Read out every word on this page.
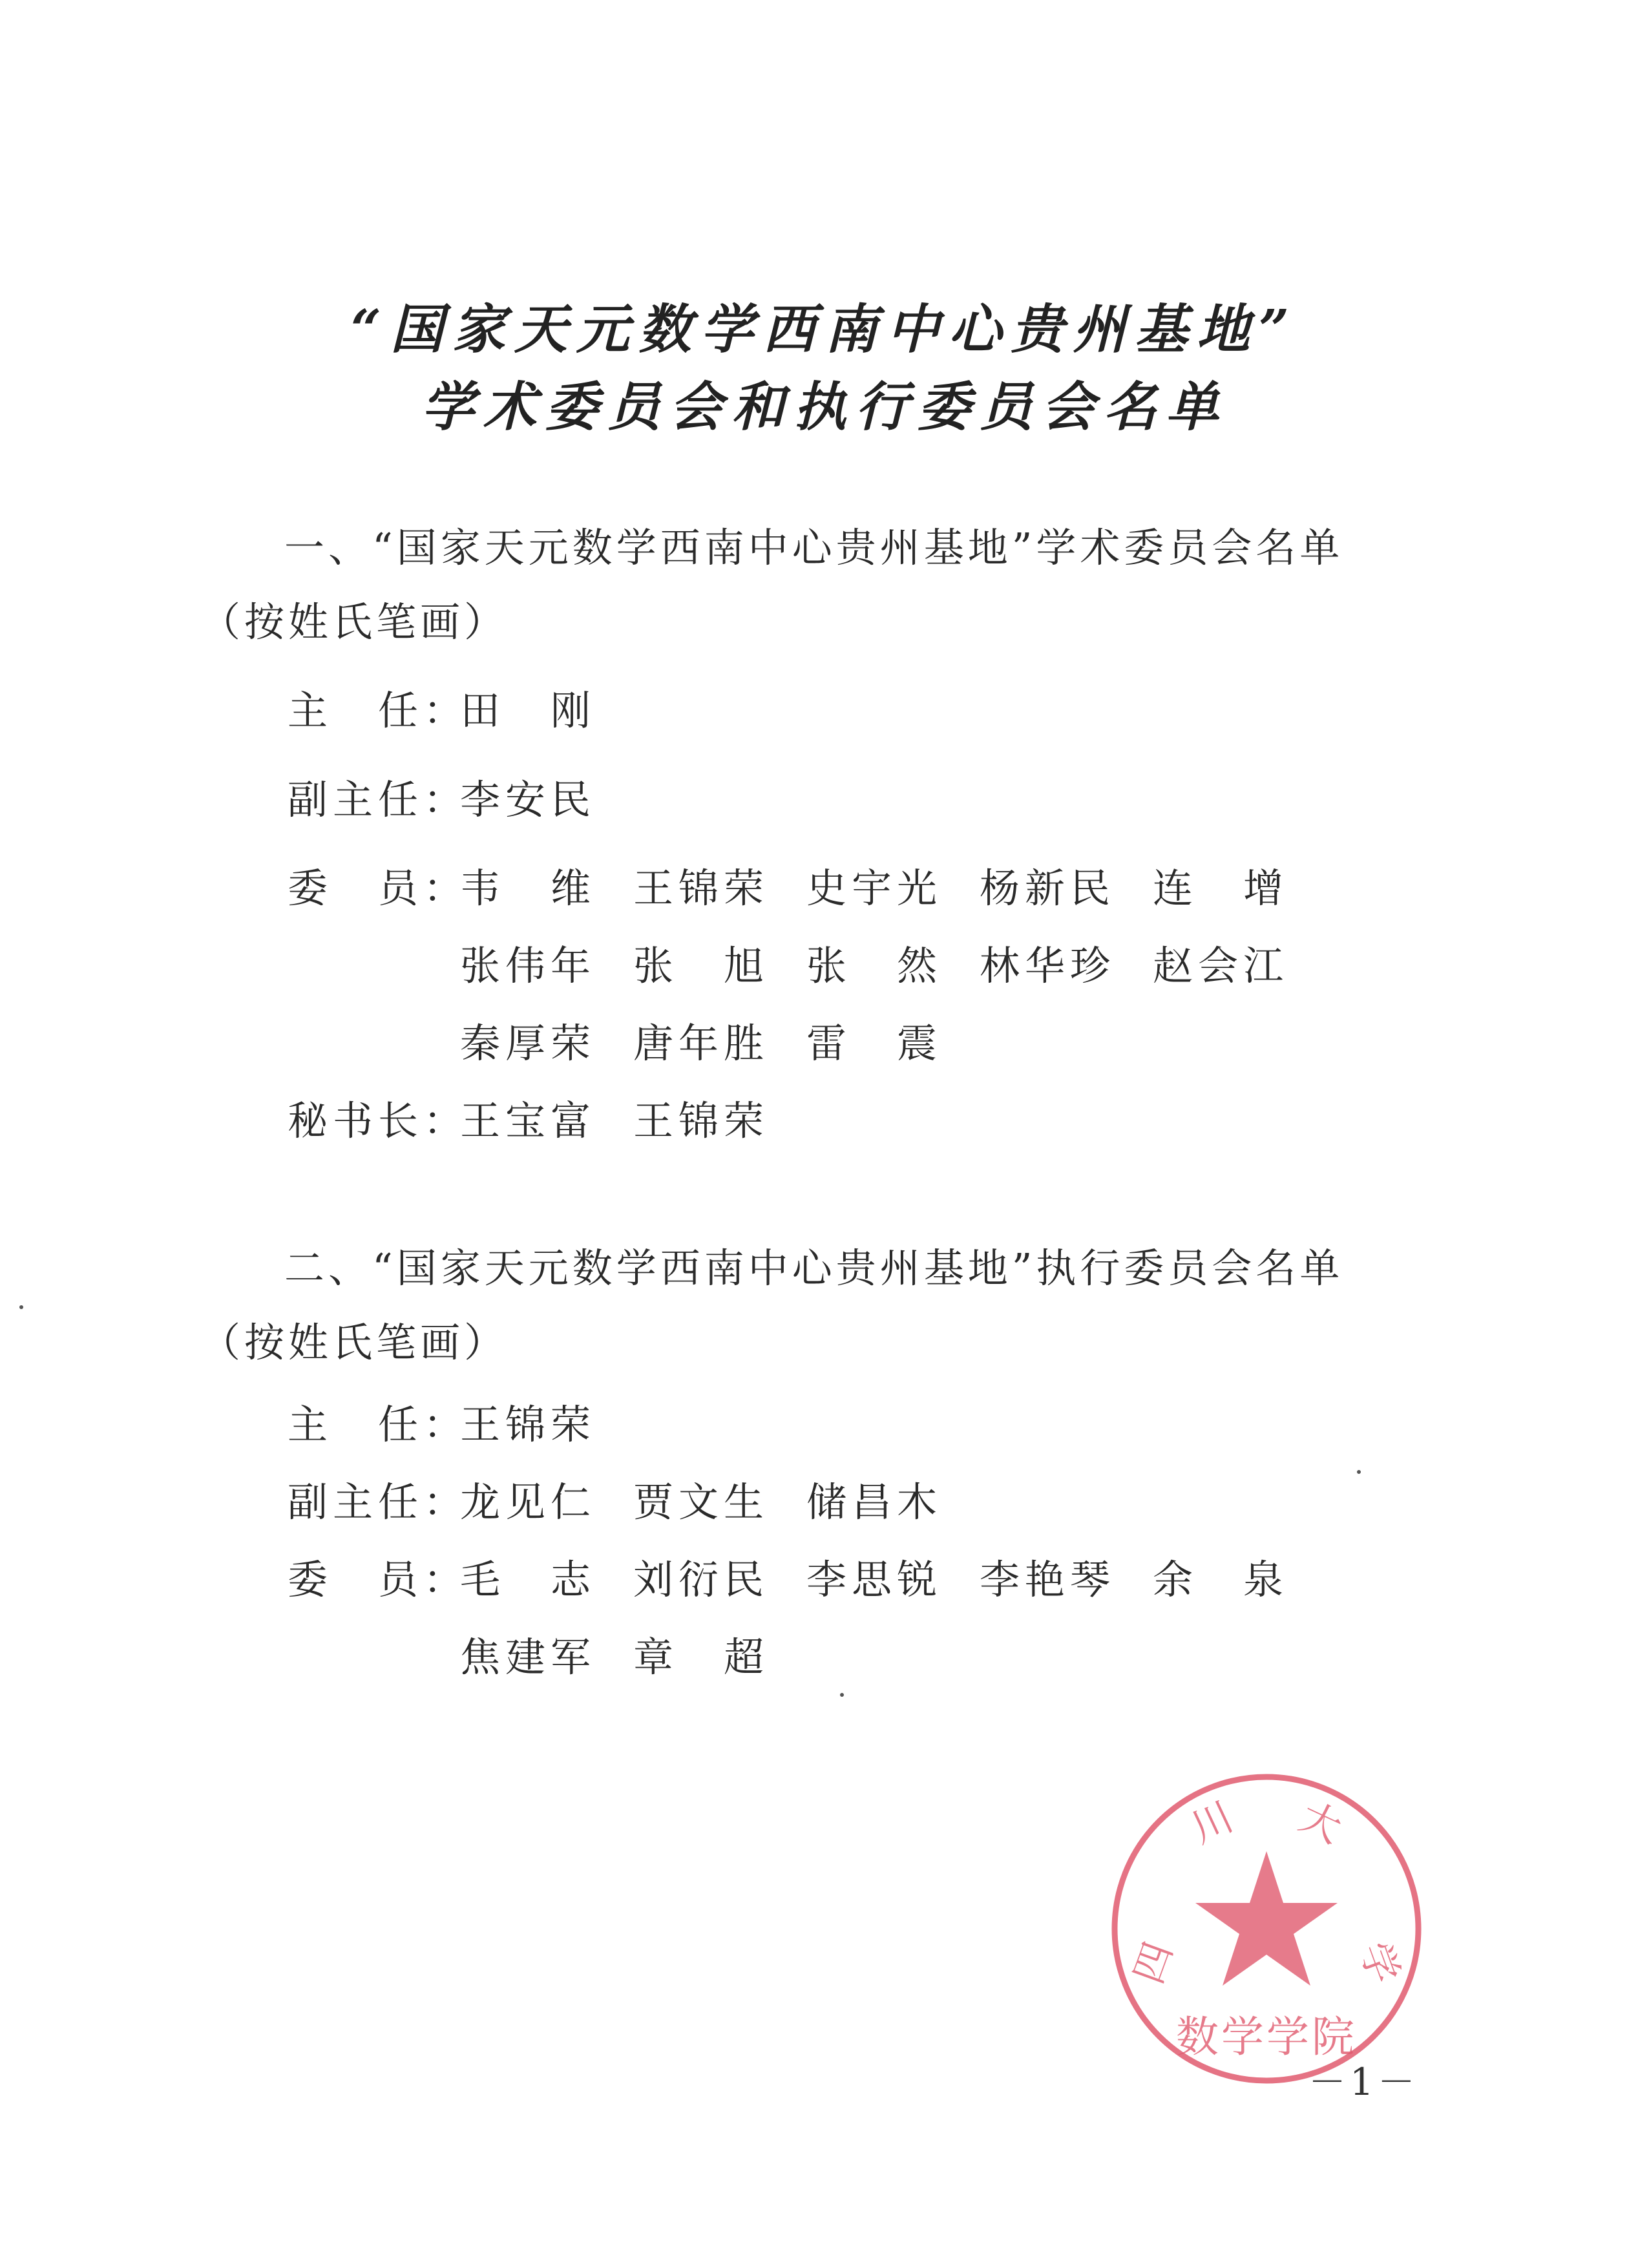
“国家天元数学西南中心贵州基地”
学术委员会和执行委员会名单
一、“国家天元数学西南中心贵州基地”学术委员会名单（按姓氏笔画）
主　任：
田　刚
副主任：
李安民
委　员：
韦　维 王锦荣 史宇光 杨新民 连　增
张伟年 张　旭 张　然 林华珍 赵会江
秦厚荣 唐年胜 雷　震
秘书长：
王宝富 王锦荣
二、“国家天元数学西南中心贵州基地”执行委员会名单（按姓氏笔画）
主　任：
王锦荣
副主任：
龙见仁 贾文生 储昌木
委　员：
毛　志 刘衍民 李思锐 李艳琴 余　泉
焦建军 章　超
四
川 大
学
数学学院
－1－
